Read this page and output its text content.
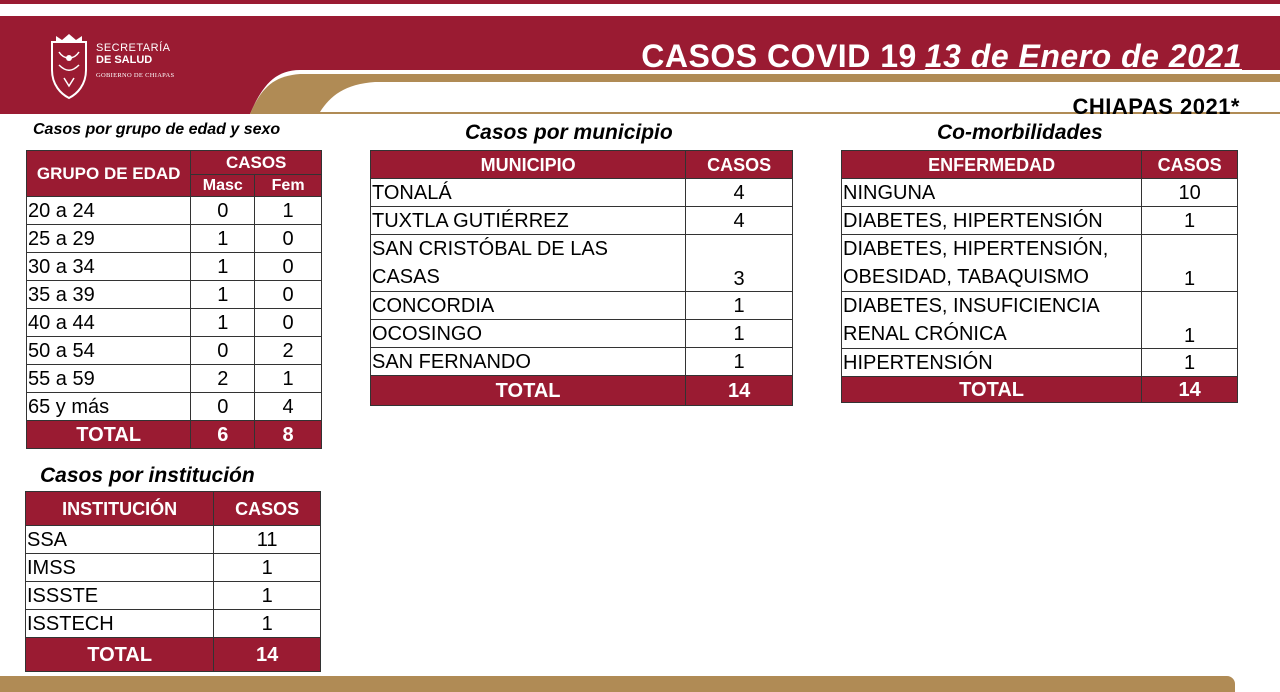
SECRETARÍA
DE SALUD
GOBIERNO DE CHIAPAS
CASOS COVID 19 13 de Enero de 2021
CHIAPAS 2021*
Casos por grupo de edad y sexo
GRUPO DE EDAD	CASOS	
	Masc	Fem
20 a 24	0	1
25 a 29	1	0
30 a 34	1	0
35 a 39	1	0
40 a 44	1	0
50 a 54	0	2
55 a 59	2	1
65 y más	0	4
TOTAL	6	8
Casos por institución
INSTITUCIÓN	CASOS
SSA	11
IMSS	1
ISSSTE	1
ISSTECH	1
TOTAL	14
Casos por municipio
MUNICIPIO	CASOS
TONALÁ	4
TUXTLA GUTIÉRREZ	4

SAN CRISTÓBAL DE LAS
CASAS	3
CONCORDIA	1
OCOSINGO	1
SAN FERNANDO	1
TOTAL	14
Co-morbilidades
ENFERMEDAD	CASOS
NINGUNA	10
DIABETES, HIPERTENSIÓN	1

DIABETES, HIPERTENSIÓN,
OBESIDAD, TABAQUISMO	1

DIABETES, INSUFICIENCIA
RENAL CRÓNICA	1
HIPERTENSIÓN	1
TOTAL	14
